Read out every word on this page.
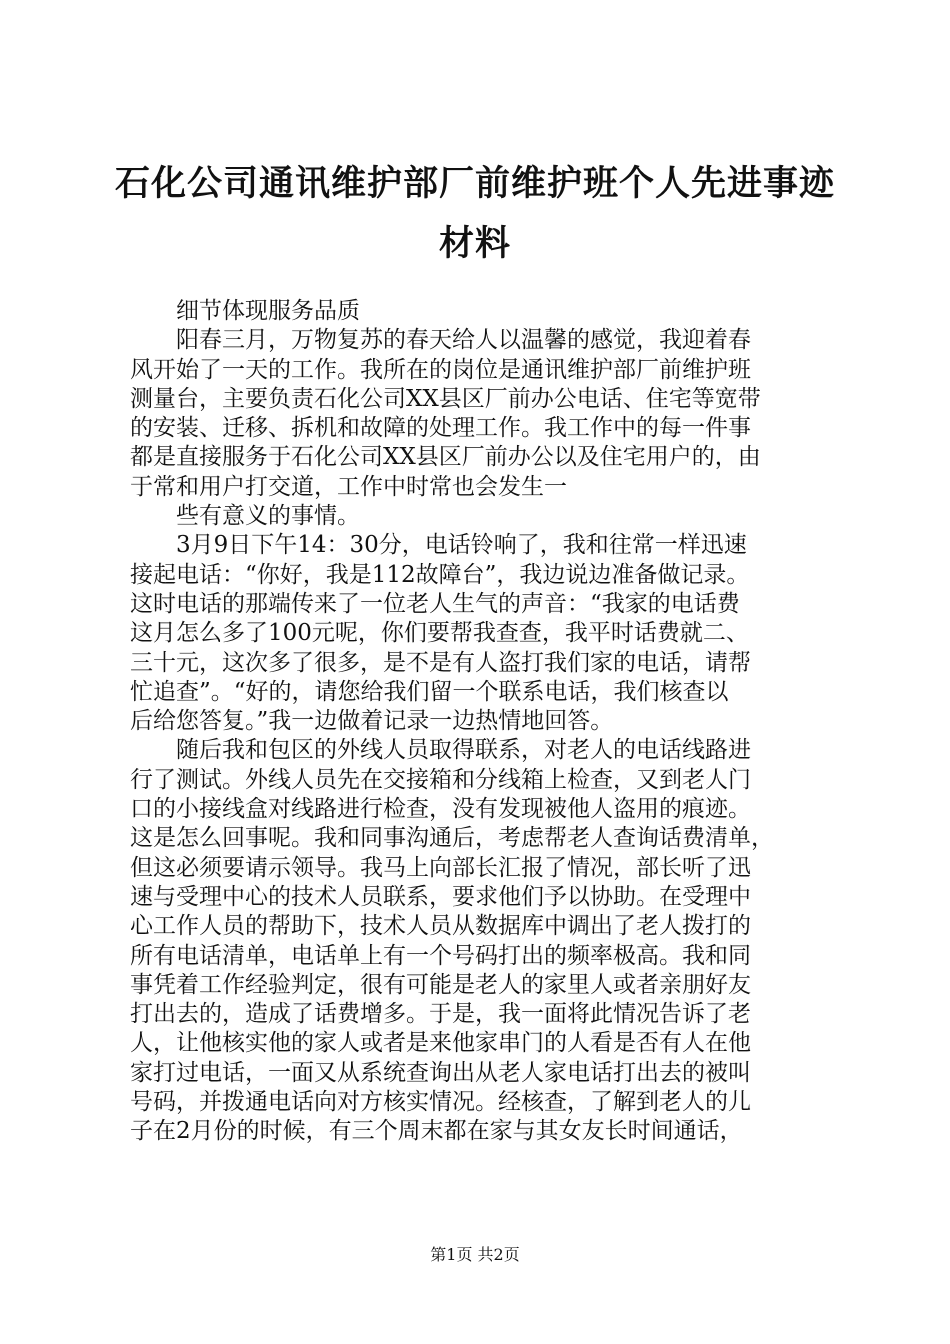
石化公司通讯维护部厂前维护班个人先进事迹
材料

细节体现服务品质

阳春三月，万物复苏的春天给人以温馨的感觉，我迎着春
风开始了一天的工作。我所在的岗位是通讯维护部厂前维护班
测量台，主要负责石化公司XX县区厂前办公电话、住宅等宽带
的安装、迁移、拆机和故障的处理工作。我工作中的每一件事
都是直接服务于石化公司XX县区厂前办公以及住宅用户的，由
于常和用户打交道，工作中时常也会发生一

些有意义的事情。

3月9日下午14：30分，电话铃响了，我和往常一样迅速
接起电话：“你好，我是112故障台”，我边说边准备做记录。
这时电话的那端传来了一位老人生气的声音：“我家的电话费
这月怎么多了100元呢，你们要帮我查查，我平时话费就二、
三十元，这次多了很多，是不是有人盗打我们家的电话，请帮
忙追查”。“好的，请您给我们留一个联系电话，我们核查以
后给您答复。”我一边做着记录一边热情地回答。

随后我和包区的外线人员取得联系，对老人的电话线路进
行了测试。外线人员先在交接箱和分线箱上检查，又到老人门
口的小接线盒对线路进行检查，没有发现被他人盗用的痕迹。
这是怎么回事呢。我和同事沟通后，考虑帮老人查询话费清单，
但这必须要请示领导。我马上向部长汇报了情况，部长听了迅
速与受理中心的技术人员联系，要求他们予以协助。在受理中
心工作人员的帮助下，技术人员从数据库中调出了老人拨打的
所有电话清单，电话单上有一个号码打出的频率极高。我和同
事凭着工作经验判定，很有可能是老人的家里人或者亲朋好友
打出去的，造成了话费增多。于是，我一面将此情况告诉了老
人，让他核实他的家人或者是来他家串门的人看是否有人在他
家打过电话，一面又从系统查询出从老人家电话打出去的被叫
号码，并拨通电话向对方核实情况。经核查，了解到老人的儿
子在2月份的时候，有三个周末都在家与其女友长时间通话，

第1页 共2页
